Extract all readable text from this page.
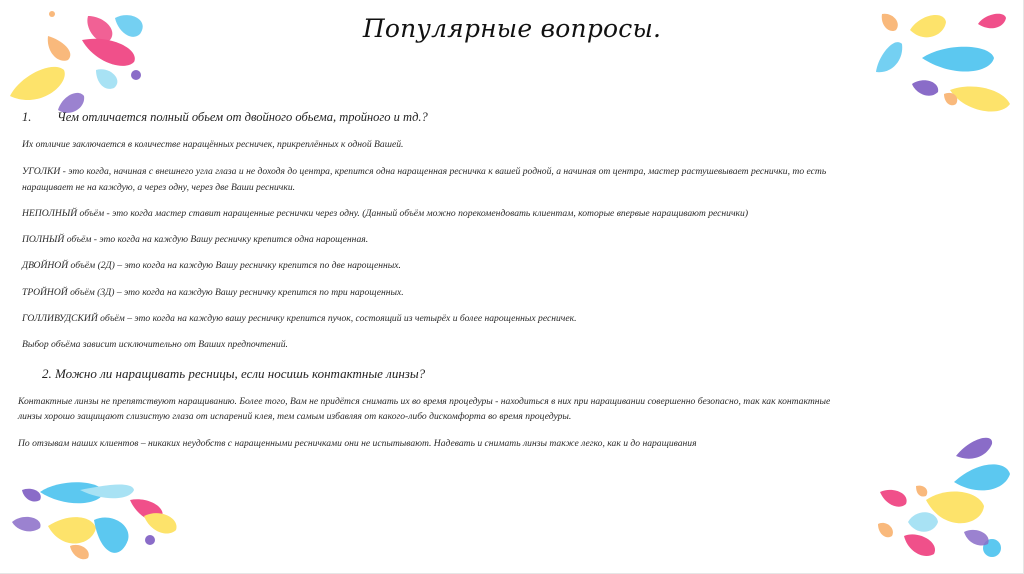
Популярные вопросы.
1. Чем отличается полный обьем от двойного обьема, тройного и тд.?
Их отличие заключается в количестве наращённых ресничек, прикреплённых к одной Вашей.
УГОЛКИ - это когда, начиная с внешнего угла глаза и не доходя до центра, крепится одна наращенная ресничка к вашей родной, а начиная от центра, мастер растушевывает реснички, то есть
наращивает не на каждую, а через одну, через две Ваши реснички.
НЕПОЛНЫЙ объём - это когда мастер ставит наращенные реснички через одну. (Данный объём можно порекомендовать клиентам, которые впервые наращивают реснички)
ПОЛНЫЙ объём - это когда на каждую Вашу ресничку крепится одна нарощенная.
ДВОЙНОЙ объём (2Д) – это когда на каждую Вашу ресничку крепится по две нарощенных.
ТРОЙНОЙ объём (3Д) – это когда на каждую Вашу ресничку крепится по три нарощенных.
ГОЛЛИВУДСКИЙ объём – это когда на каждую вашу ресничку крепится пучок, состоящий из четырёх и более нарощенных ресничек.
Выбор объёма зависит исключительно от Ваших предпочтений.
2. Можно ли наращивать ресницы, если носишь контактные линзы?
Контактные линзы не препятствуют наращиванию. Более того, Вам не придётся снимать их во время процедуры - находиться в них при наращивании совершенно безопасно, так как контактные
линзы хорошо защищают слизистую глаза от испарений клея, тем самым избавляя от какого-либо дискомфорта во время процедуры.
По отзывам наших клиентов – никаких неудобств с наращенными ресничками они не испытывают. Надевать и снимать линзы также легко, как и до наращивания
